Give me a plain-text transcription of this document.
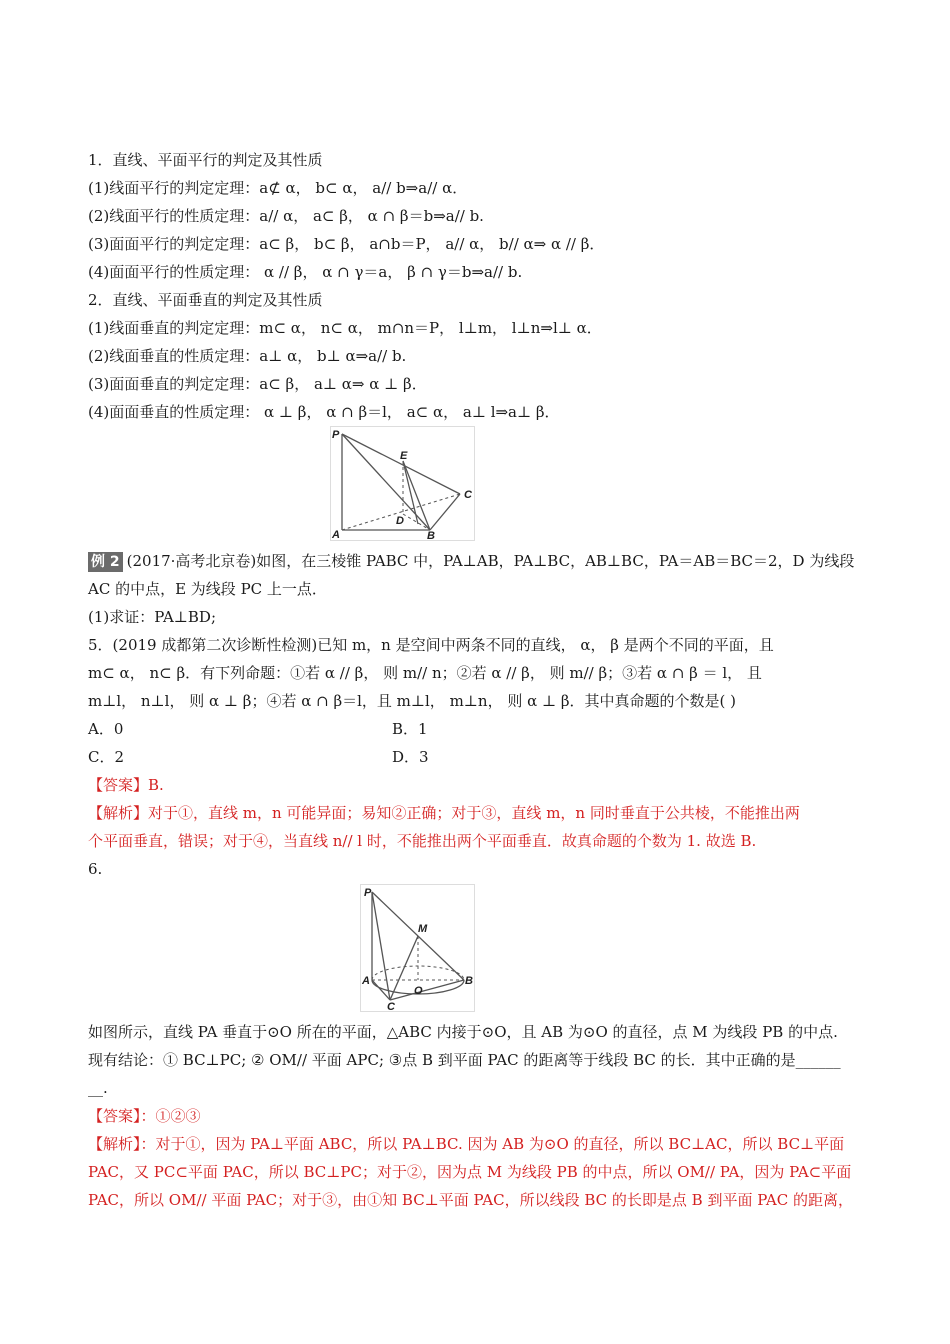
1．直线、平面平行的判定及其性质
(1)线面平行的判定定理：a⊄ α， b⊂ α， a// b⇒a// α．
(2)线面平行的性质定理：a// α， a⊂ β， α ∩ β＝b⇒a// b.
(3)面面平行的判定定理：a⊂ β， b⊂ β， a∩b＝P， a// α， b// α⇒ α // β．
(4)面面平行的性质定理： α // β， α ∩ γ＝a， β ∩ γ＝b⇒a// b.
2．直线、平面垂直的判定及其性质
(1)线面垂直的判定定理：m⊂ α， n⊂ α， m∩n＝P， l⊥m， l⊥n⇒l⊥ α．
(2)线面垂直的性质定理：a⊥ α， b⊥ α⇒a// b.
(3)面面垂直的判定定理：a⊂ β， a⊥ α⇒ α ⊥ β．
(4)面面垂直的性质定理： α ⊥ β， α ∩ β＝l， a⊂ α， a⊥ l⇒a⊥ β．
P
E
C
D
A	B
例 2 (2017·高考北京卷)如图，在三棱锥 PABC 中，PA⊥AB，PA⊥BC，AB⊥BC，PA＝AB＝BC＝2，D 为线段
AC 的中点，E 为线段 PC 上一点．
(1)求证：PA⊥BD;
5．(2019 成都第二次诊断性检测)已知 m，n 是空间中两条不同的直线， α， β 是两个不同的平面，且
m⊂ α， n⊂ β．有下列命题：①若 α // β， 则 m// n；②若 α // β， 则 m// β；③若 α ∩ β ＝ l， 且
m⊥l， n⊥l， 则 α ⊥ β；④若 α ∩ β＝l，且 m⊥l， m⊥n， 则 α ⊥ β．其中真命题的个数是( )
A．0	B．1
C．2	D．3
【答案】B.
【解析】对于①，直线 m，n 可能异面；易知②正确；对于③，直线 m，n 同时垂直于公共棱，不能推出两
个平面垂直，错误；对于④，当直线 n// l 时，不能推出两个平面垂直．故真命题的个数为 1. 故选 B.
6.
P
M
A	B
O
C
如图所示，直线 PA 垂直于⊙O 所在的平面，△ABC 内接于⊙O，且 AB 为⊙O 的直径，点 M 为线段 PB 的中点.
现有结论：① BC⊥PC; ② OM// 平面 APC; ③点 B 到平面 PAC 的距离等于线段 BC 的长．其中正确的是______
__.
【答案】：①②③
【解析】：对于①，因为 PA⊥平面 ABC，所以 PA⊥BC. 因为 AB 为⊙O 的直径，所以 BC⊥AC，所以 BC⊥平面
PAC，又 PC⊂平面 PAC，所以 BC⊥PC；对于②，因为点 M 为线段 PB 的中点，所以 OM// PA，因为 PA⊂平面
PAC，所以 OM// 平面 PAC；对于③，由①知 BC⊥平面 PAC，所以线段 BC 的长即是点 B 到平面 PAC 的距离，
